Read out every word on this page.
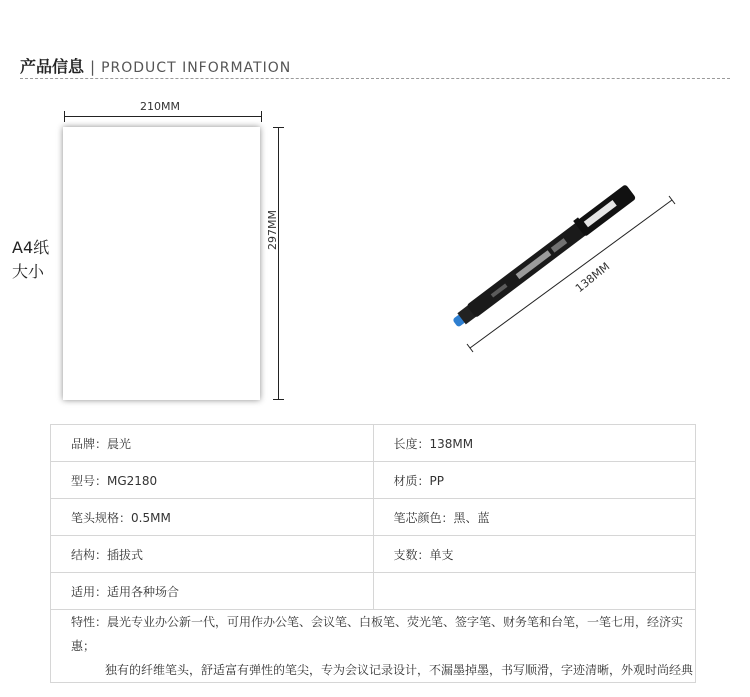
产品信息 | PRODUCT INFORMATION
210MM
297MM
A4纸
大小	138MM
品牌：晨光	长度：138MM
型号：MG2180	材质：PP
笔头规格：0.5MM	笔芯颜色：黑、蓝
结构：插拔式	支数：单支
适用：适用各种场合	
特性：晨光专业办公新一代，可用作办公笔、会议笔、白板笔、荧光笔、签字笔、财务笔和台笔，一笔七用，经济实惠；
独有的纤维笔头，舒适富有弹性的笔尖，专为会议记录设计，不漏墨掉墨，书写顺滑，字迹清晰，外观时尚经典	
